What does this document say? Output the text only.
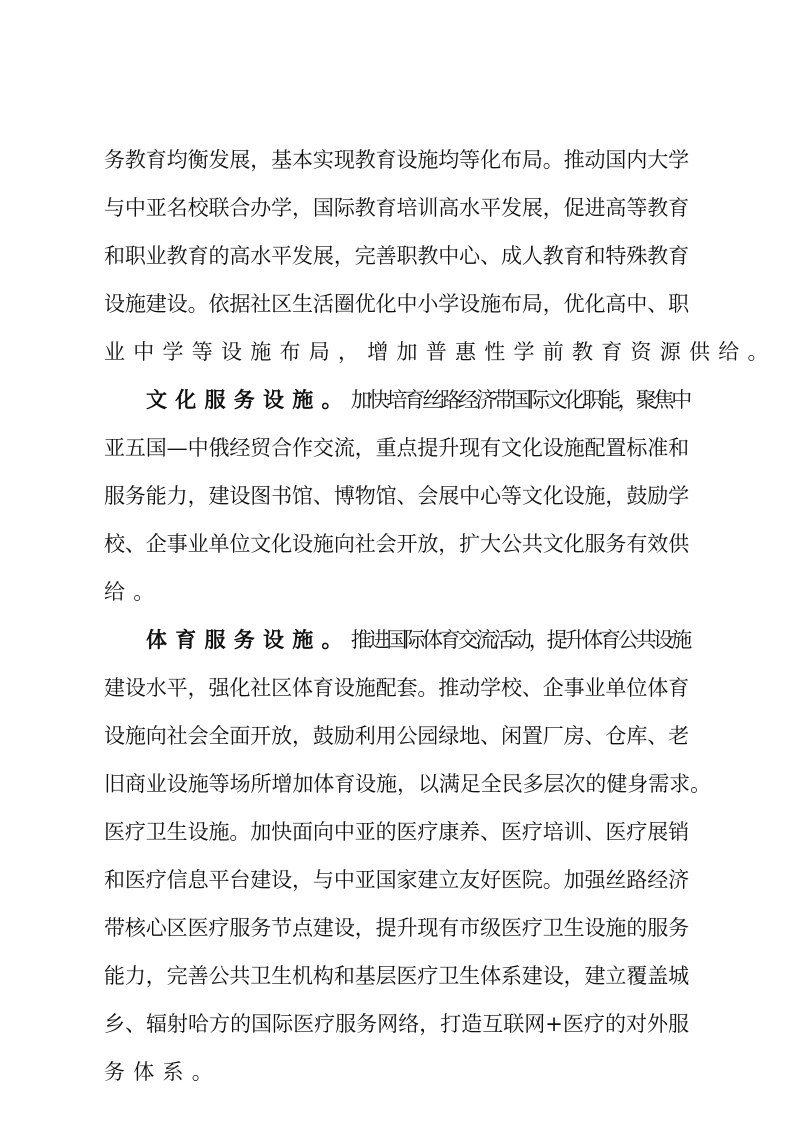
务教育均衡发展，基本实现教育设施均等化布局。推动国内大学
与中亚名校联合办学，国际教育培训高水平发展，促进高等教育
和职业教育的高水平发展，完善职教中心、成人教育和特殊教育
设施建设。依据社区生活圈优化中小学设施布局，优化高中、职
业中学等设施布局，增加普惠性学前教育资源供给。
文化服务设施。 加快培育丝路经济带国际文化职能，聚焦中
亚五国—中俄经贸合作交流，重点提升现有文化设施配置标准和
服务能力，建设图书馆、博物馆、会展中心等文化设施，鼓励学
校、企事业单位文化设施向社会开放，扩大公共文化服务有效供
给。
体育服务设施。 推进国际体育交流活动，提升体育公共设施
建设水平，强化社区体育设施配套。推动学校、企事业单位体育
设施向社会全面开放，鼓励利用公园绿地、闲置厂房、仓库、老
旧商业设施等场所增加体育设施，以满足全民多层次的健身需求。
医疗卫生设施。加快面向中亚的医疗康养、医疗培训、医疗展销
和医疗信息平台建设，与中亚国家建立友好医院。加强丝路经济
带核心区医疗服务节点建设，提升现有市级医疗卫生设施的服务
能力，完善公共卫生机构和基层医疗卫生体系建设，建立覆盖城
乡、辐射哈方的国际医疗服务网络，打造互联网+医疗的对外服
务体系。
